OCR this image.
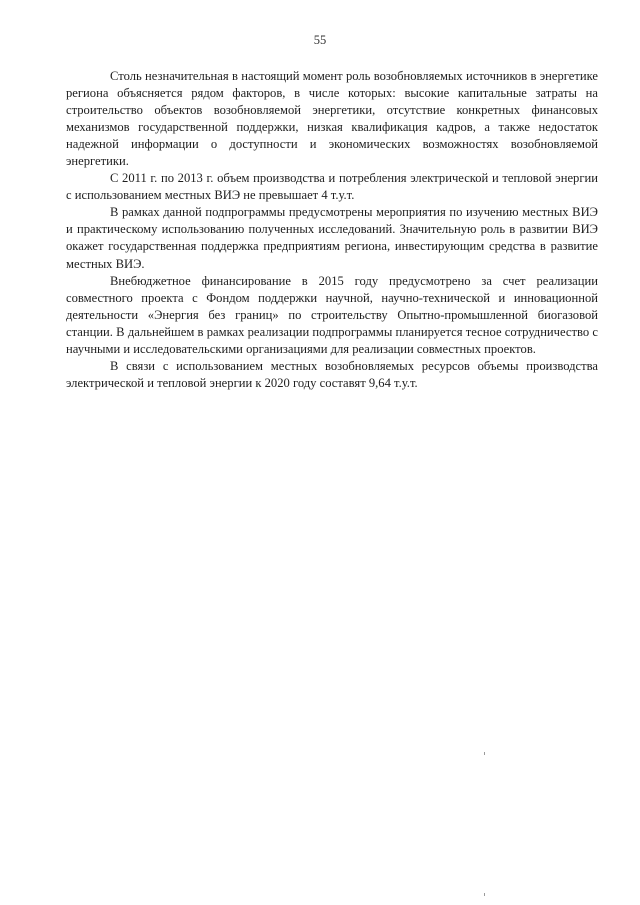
55

Столь незначительная в настоящий момент роль возобновляемых источников в энергетике региона объясняется рядом факторов, в числе которых: высокие капитальные затраты на строительство объектов возобновляемой энергетики, отсутствие конкретных финансовых механизмов государственной поддержки, низкая квалификация кадров, а также недостаток надежной информации о доступности и экономических возможностях возобновляемой энергетики.

С 2011 г. по 2013 г. объем производства и потребления электрической и тепловой энергии с использованием местных ВИЭ не превышает 4 т.у.т.

В рамках данной подпрограммы предусмотрены мероприятия по изучению местных ВИЭ и практическому использованию полученных исследований. Значительную роль в развитии ВИЭ окажет государственная поддержка предприятиям региона, инвестирующим средства в развитие местных ВИЭ.

Внебюджетное финансирование в 2015 году предусмотрено за счет реализации совместного проекта с Фондом поддержки научной, научно-технической и инновационной деятельности «Энергия без границ» по строительству Опытно-промышленной биогазовой станции. В дальнейшем в рамках реализации подпрограммы планируется тесное сотрудничество с научными и исследовательскими организациями для реализации совместных проектов.

В связи с использованием местных возобновляемых ресурсов объемы производства электрической и тепловой энергии к 2020 году составят 9,64 т.у.т.
